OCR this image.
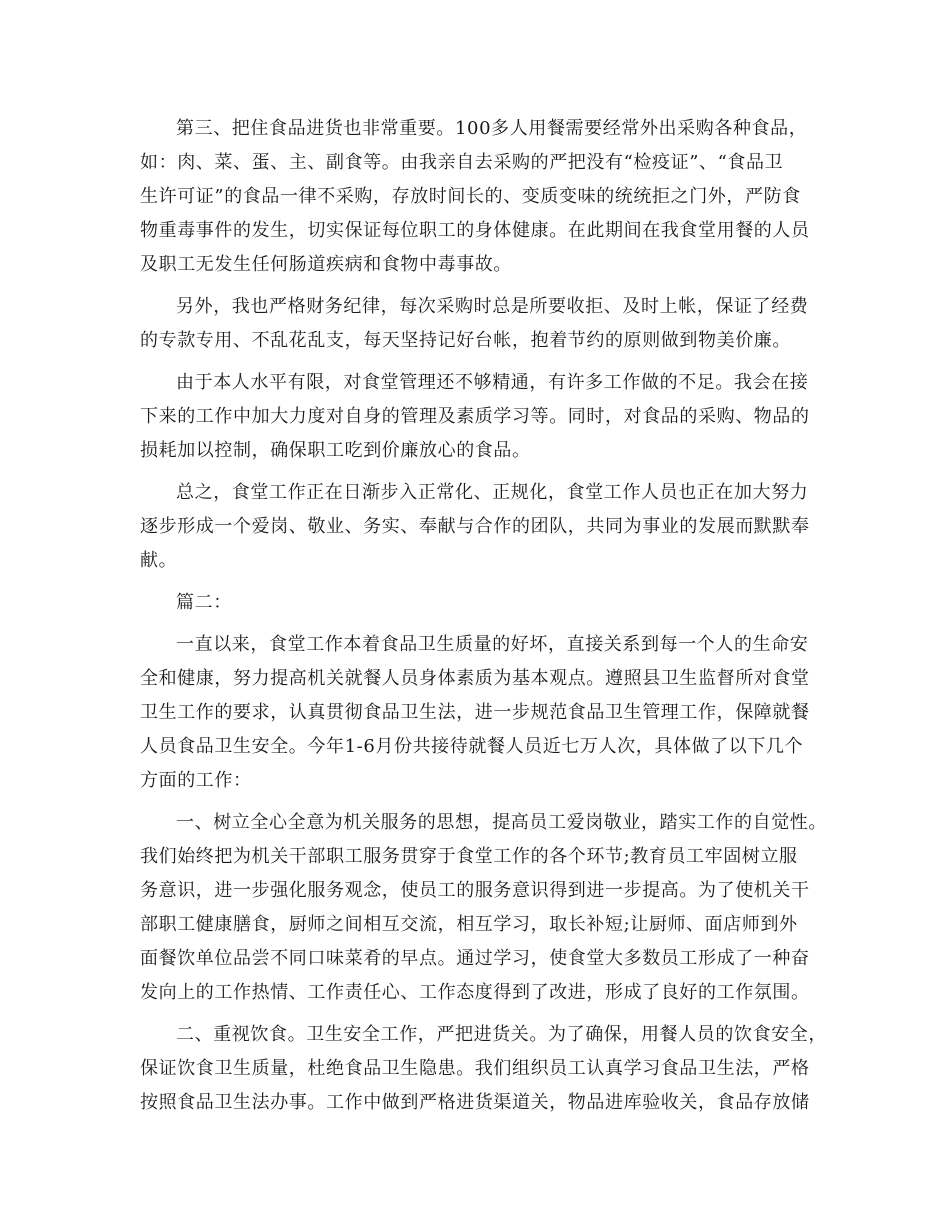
第三、把住食品进货也非常重要。100多人用餐需要经常外出采购各种食品，
如：肉、菜、蛋、主、副食等。由我亲自去采购的严把没有“检疫证”、“食品卫
生许可证”的食品一律不采购，存放时间长的、变质变味的统统拒之门外，严防食
物重毒事件的发生，切实保证每位职工的身体健康。在此期间在我食堂用餐的人员
及职工无发生任何肠道疾病和食物中毒事故。
另外，我也严格财务纪律，每次采购时总是所要收拒、及时上帐，保证了经费
的专款专用、不乱花乱支，每天坚持记好台帐，抱着节约的原则做到物美价廉。
由于本人水平有限，对食堂管理还不够精通，有许多工作做的不足。我会在接
下来的工作中加大力度对自身的管理及素质学习等。同时，对食品的采购、物品的
损耗加以控制，确保职工吃到价廉放心的食品。
总之，食堂工作正在日渐步入正常化、正规化，食堂工作人员也正在加大努力
逐步形成一个爱岗、敬业、务实、奉献与合作的团队，共同为事业的发展而默默奉
献。
篇二：
一直以来，食堂工作本着食品卫生质量的好坏，直接关系到每一个人的生命安
全和健康，努力提高机关就餐人员身体素质为基本观点。遵照县卫生监督所对食堂
卫生工作的要求，认真贯彻食品卫生法，进一步规范食品卫生管理工作，保障就餐
人员食品卫生安全。今年1-6月份共接待就餐人员近七万人次，具体做了以下几个
方面的工作：
一、树立全心全意为机关服务的思想，提高员工爱岗敬业，踏实工作的自觉性。
我们始终把为机关干部职工服务贯穿于食堂工作的各个环节;教育员工牢固树立服
务意识，进一步强化服务观念，使员工的服务意识得到进一步提高。为了使机关干
部职工健康膳食，厨师之间相互交流，相互学习，取长补短;让厨师、面店师到外
面餐饮单位品尝不同口味菜肴的早点。通过学习，使食堂大多数员工形成了一种奋
发向上的工作热情、工作责任心、工作态度得到了改进，形成了良好的工作氛围。
二、重视饮食。卫生安全工作，严把进货关。为了确保，用餐人员的饮食安全，
保证饮食卫生质量，杜绝食品卫生隐患。我们组织员工认真学习食品卫生法，严格
按照食品卫生法办事。工作中做到严格进货渠道关，物品进库验收关，食品存放储
